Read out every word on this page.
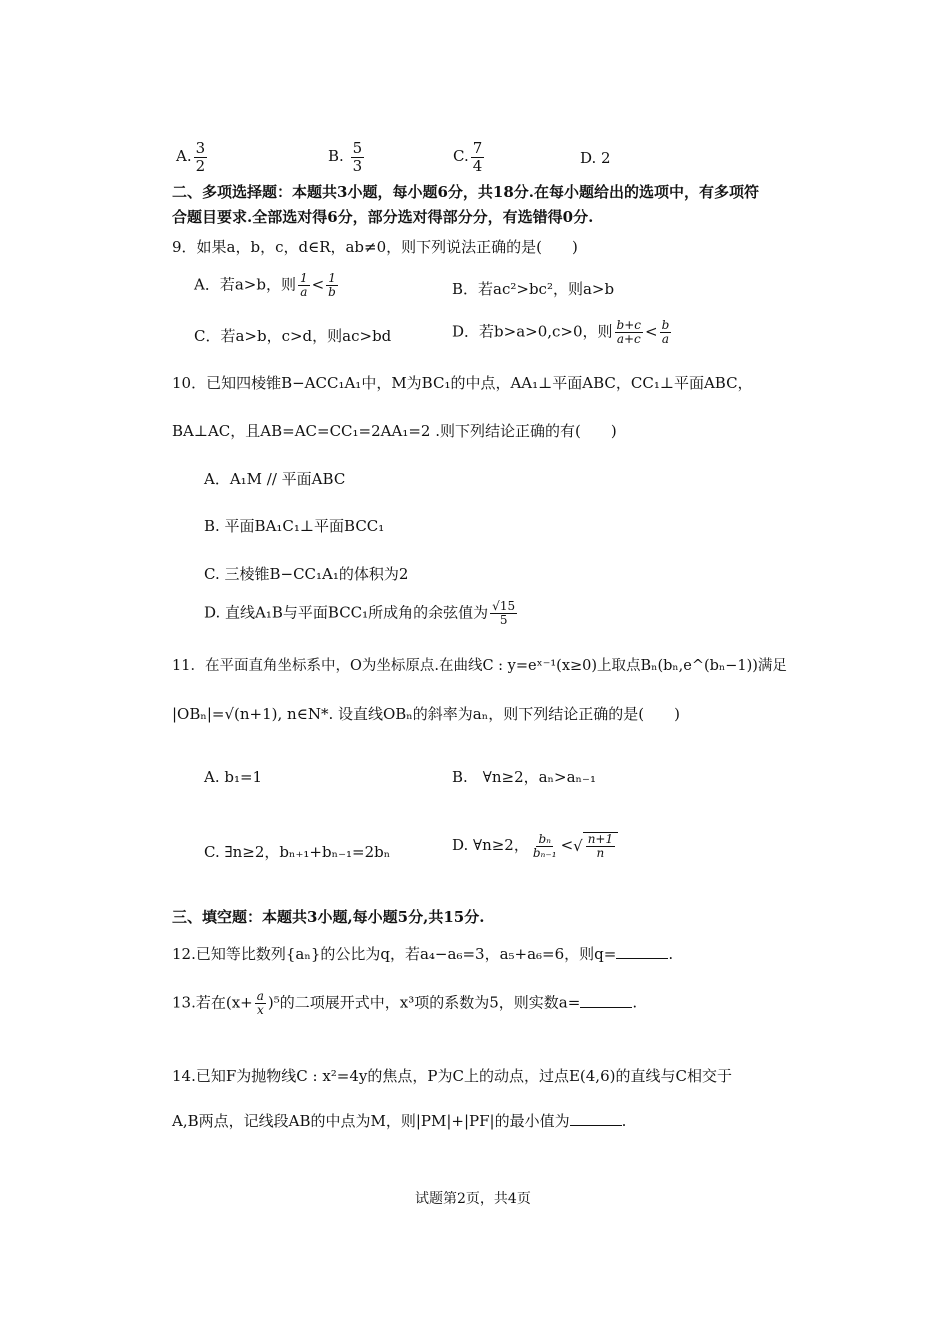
A. $\frac{3}{2}$	B. $\frac{5}{3}$	C. $\frac{7}{4}$	D. 2
二、多项选择题：本题共3小题，每小题6分，共18分.在每小题给出的选项中，有多项符
合题目要求.全部选对得6分，部分选对得部分分，有选错得0分.
9．如果a，b，c，d∈R，ab≠0，则下列说法正确的是(　　)
A．若a>b，则 $\frac{1}{a} < \frac{1}{b}$	B．若ac²>bc²，则a>b
C．若a>b，c>d，则ac>bd	D．若b>a>0,c>0，则 $\frac{b+c}{a+c} < \frac{b}{a}$
10．已知四棱锥B−ACC₁A₁中，M为BC₁的中点，AA₁⊥平面ABC，CC₁⊥平面ABC，
BA⊥AC，且AB=AC=CC₁=2AA₁=2 .则下列结论正确的有(　　)
A．A₁M // 平面ABC
B. 平面BA₁C₁⊥平面BCC₁
C. 三棱锥B−CC₁A₁的体积为2
D. 直线A₁B与平面BCC₁所成角的余弦值为 $\frac{√15}{5}$
11．在平面直角坐标系中，O为坐标原点.在曲线C : y=eˣ⁻¹(x≥0)上取点Bₙ(bₙ,e^(bₙ−1))满足
|OBₙ|=√(n+1), n∈N*. 设直线OBₙ的斜率为aₙ，则下列结论正确的是(　　)
A. b₁=1	B.　∀n≥2，aₙ>aₙ₋₁
C. ∃n≥2，bₙ₊₁+bₙ₋₁=2bₙ	D. ∀n≥2， $\frac{\text{bₙ}}{\text{bₙ₋₁}}$ < √ $\frac{n+1}{n}$
三、填空题：本题共3小题,每小题5分,共15分.
12.已知等比数列{aₙ}的公比为q，若a₄−a₆=3，a₅+a₆=6，则q=	.
13.若在$(x+ \frac{a}{x} )^5$的二项展开式中，x³项的系数为5，则实数a=	.
14.已知F为抛物线C : x²=4y的焦点，P为C上的动点，过点E(4,6)的直线与C相交于
A,B两点，记线段AB的中点为M，则|PM|+|PF|的最小值为	.
试题第2页，共4页
